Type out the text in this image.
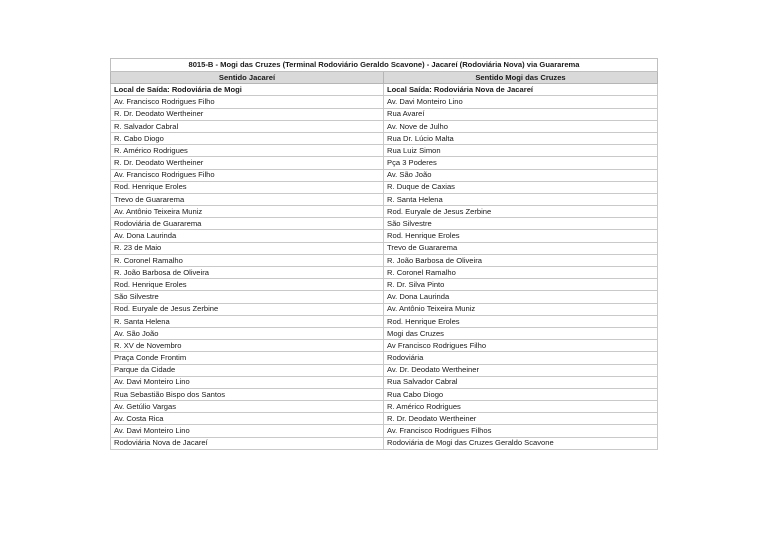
8015-B - Mogi das Cruzes (Terminal Rodoviário Geraldo Scavone) - Jacareí (Rodoviária Nova) via Guararema	
Sentido Jacareí	Sentido Mogi das Cruzes
Local de Saída: Rodoviária de Mogi	Local Saída: Rodoviária Nova de Jacareí
Av. Francisco Rodrigues Filho	Av. Davi Monteiro Lino
R. Dr. Deodato Wertheiner	Rua Avareí
R. Salvador Cabral	Av. Nove de Julho
R. Cabo Diogo	Rua Dr. Lúcio Malta
R. Américo Rodrigues	Rua Luiz Simon
R. Dr. Deodato Wertheiner	Pça 3 Poderes
Av. Francisco Rodrigues Filho	Av. São João
Rod. Henrique Eroles	R. Duque de Caxias
Trevo de Guararema	R. Santa Helena
Av. Antônio Teixeira Muniz	Rod. Euryale de Jesus Zerbine
Rodoviária de Guararema	São Silvestre
Av. Dona Laurinda	Rod. Henrique Eroles
R. 23 de Maio	Trevo de Guararema
R. Coronel Ramalho	R. João Barbosa de Oliveira
R. João Barbosa de Oliveira	R. Coronel Ramalho
Rod. Henrique Eroles	R. Dr. Silva Pinto
São Silvestre	Av. Dona Laurinda
Rod. Euryale de Jesus Zerbine	Av. Antônio Teixeira Muniz
R. Santa Helena	Rod. Henrique Eroles
Av. São João	Mogi das Cruzes
R. XV de Novembro	Av Francisco Rodrigues Filho
Praça Conde Frontim	Rodoviária
Parque da Cidade	Av. Dr. Deodato Wertheiner
Av. Davi Monteiro Lino	Rua Salvador Cabral
Rua Sebastião Bispo dos Santos	Rua Cabo Diogo
Av. Getúlio Vargas	R. Américo Rodrigues
Av. Costa Rica	R. Dr. Deodato Wertheiner
Av. Davi Monteiro Lino	Av. Francisco Rodrigues Filhos
Rodoviária Nova de Jacareí	Rodoviária de Mogi das Cruzes Geraldo Scavone
